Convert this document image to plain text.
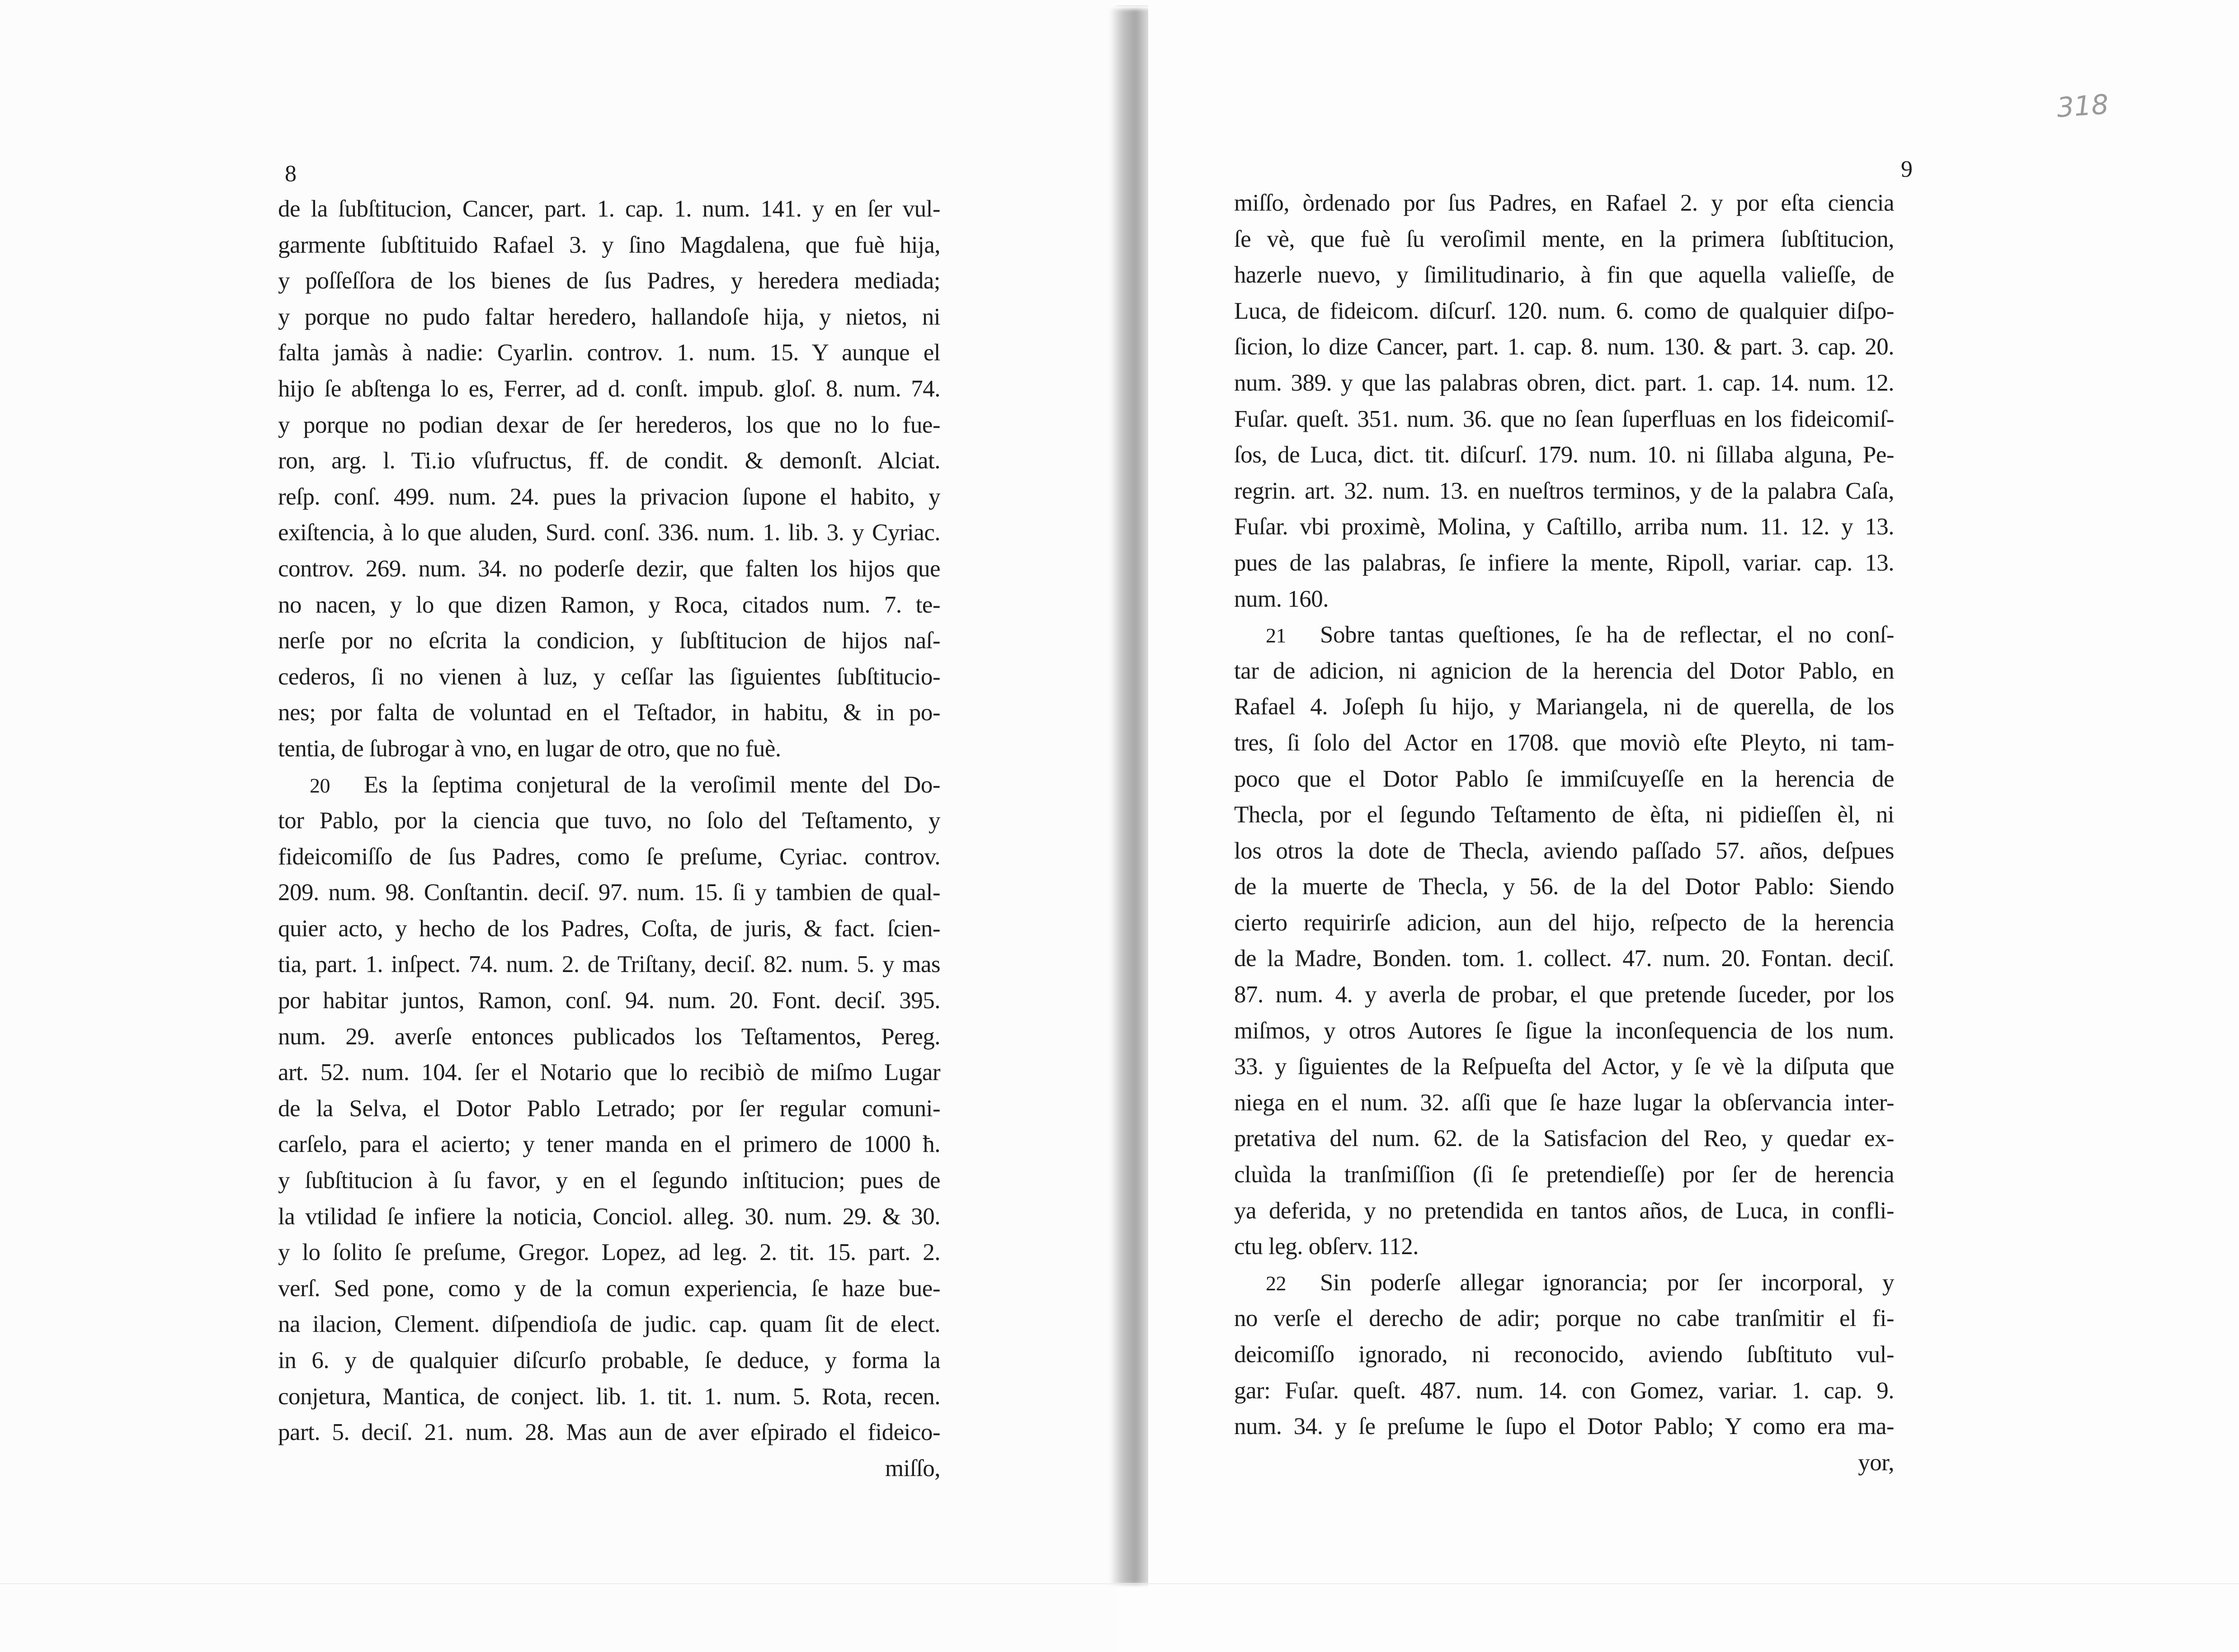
8
de la ſubſtitucion, Cancer, part. 1. cap. 1. num. 141. y en ſer vul-
garmente ſubſtituido Rafael 3. y ſino Magdalena, que fuè hija,
y poſſeſſora de los bienes de ſus Padres, y heredera mediada;
y porque no pudo faltar heredero, hallandoſe hija, y nietos, ni
falta jamàs à nadie: Cyarlin. controv. 1. num. 15. Y aunque el
hijo ſe abſtenga lo es, Ferrer, ad d. conſt. impub. gloſ. 8. num. 74.
y porque no podian dexar de ſer herederos, los que no lo fue-
ron, arg. l. Ti.io vſufructus, ff. de condit. & demonſt. Alciat.
reſp. conſ. 499. num. 24. pues la privacion ſupone el habito, y
exiſtencia, à lo que aluden, Surd. conſ. 336. num. 1. lib. 3. y Cyriac.
controv. 269. num. 34. no poderſe dezir, que falten los hijos que
no nacen, y lo que dizen Ramon, y Roca, citados num. 7. te-
nerſe por no eſcrita la condicion, y ſubſtitucion de hijos naſ-
cederos, ſi no vienen à luz, y ceſſar las ſiguientes ſubſtitucio-
nes; por falta de voluntad en el Teſtador, in habitu, & in po-
tentia, de ſubrogar à vno, en lugar de otro, que no fuè.
20 Es la ſeptima conjetural de la veroſimil mente del Do-
tor Pablo, por la ciencia que tuvo, no ſolo del Teſtamento, y
fideicomiſſo de ſus Padres, como ſe preſume, Cyriac. controv.
209. num. 98. Conſtantin. deciſ. 97. num. 15. ſi y tambien de qual-
quier acto, y hecho de los Padres, Coſta, de juris, & fact. ſcien-
tia, part. 1. inſpect. 74. num. 2. de Triſtany, deciſ. 82. num. 5. y mas
por habitar juntos, Ramon, conſ. 94. num. 20. Font. deciſ. 395.
num. 29. averſe entonces publicados los Teſtamentos, Pereg.
art. 52. num. 104. ſer el Notario que lo recibiò de miſmo Lugar
de la Selva, el Dotor Pablo Letrado; por ſer regular comuni-
carſelo, para el acierto; y tener manda en el primero de 1000 ħ.
y ſubſtitucion à ſu favor, y en el ſegundo inſtitucion; pues de
la vtilidad ſe infiere la noticia, Conciol. alleg. 30. num. 29. & 30.
y lo ſolito ſe preſume, Gregor. Lopez, ad leg. 2. tit. 15. part. 2.
verſ. Sed pone, como y de la comun experiencia, ſe haze bue-
na ilacion, Clement. diſpendioſa de judic. cap. quam ſit de elect.
in 6. y de qualquier diſcurſo probable, ſe deduce, y forma la
conjetura, Mantica, de conject. lib. 1. tit. 1. num. 5. Rota, recen.
part. 5. deciſ. 21. num. 28. Mas aun de aver eſpirado el fideico-
miſſo,
318
9
miſſo, òrdenado por ſus Padres, en Rafael 2. y por eſta ciencia
ſe vè, que fuè ſu veroſimil mente, en la primera ſubſtitucion,
hazerle nuevo, y ſimilitudinario, à fin que aquella valieſſe, de
Luca, de fideicom. diſcurſ. 120. num. 6. como de qualquier diſpo-
ſicion, lo dize Cancer, part. 1. cap. 8. num. 130. & part. 3. cap. 20.
num. 389. y que las palabras obren, dict. part. 1. cap. 14. num. 12.
Fuſar. queſt. 351. num. 36. que no ſean ſuperfluas en los fideicomiſ-
ſos, de Luca, dict. tit. diſcurſ. 179. num. 10. ni ſillaba alguna, Pe-
regrin. art. 32. num. 13. en nueſtros terminos, y de la palabra Caſa,
Fuſar. vbi proximè, Molina, y Caſtillo, arriba num. 11. 12. y 13.
pues de las palabras, ſe infiere la mente, Ripoll, variar. cap. 13.
num. 160.
21 Sobre tantas queſtiones, ſe ha de reflectar, el no conſ-
tar de adicion, ni agnicion de la herencia del Dotor Pablo, en
Rafael 4. Joſeph ſu hijo, y Mariangela, ni de querella, de los
tres, ſi ſolo del Actor en 1708. que moviò eſte Pleyto, ni tam-
poco que el Dotor Pablo ſe immiſcuyeſſe en la herencia de
Thecla, por el ſegundo Teſtamento de èſta, ni pidieſſen èl, ni
los otros la dote de Thecla, aviendo paſſado 57. años, deſpues
de la muerte de Thecla, y 56. de la del Dotor Pablo: Siendo
cierto requirirſe adicion, aun del hijo, reſpecto de la herencia
de la Madre, Bonden. tom. 1. collect. 47. num. 20. Fontan. deciſ.
87. num. 4. y averla de probar, el que pretende ſuceder, por los
miſmos, y otros Autores ſe ſigue la inconſequencia de los num.
33. y ſiguientes de la Reſpueſta del Actor, y ſe vè la diſputa que
niega en el num. 32. aſſi que ſe haze lugar la obſervancia inter-
pretativa del num. 62. de la Satisfacion del Reo, y quedar ex-
cluìda la tranſmiſſion (ſi ſe pretendieſſe) por ſer de herencia
ya deferida, y no pretendida en tantos años, de Luca, in confli-
ctu leg. obſerv. 112.
22 Sin poderſe allegar ignorancia; por ſer incorporal, y
no verſe el derecho de adir; porque no cabe tranſmitir el fi-
deicomiſſo ignorado, ni reconocido, aviendo ſubſtituto vul-
gar: Fuſar. queſt. 487. num. 14. con Gomez, variar. 1. cap. 9.
num. 34. y ſe preſume le ſupo el Dotor Pablo; Y como era ma-
yor,
